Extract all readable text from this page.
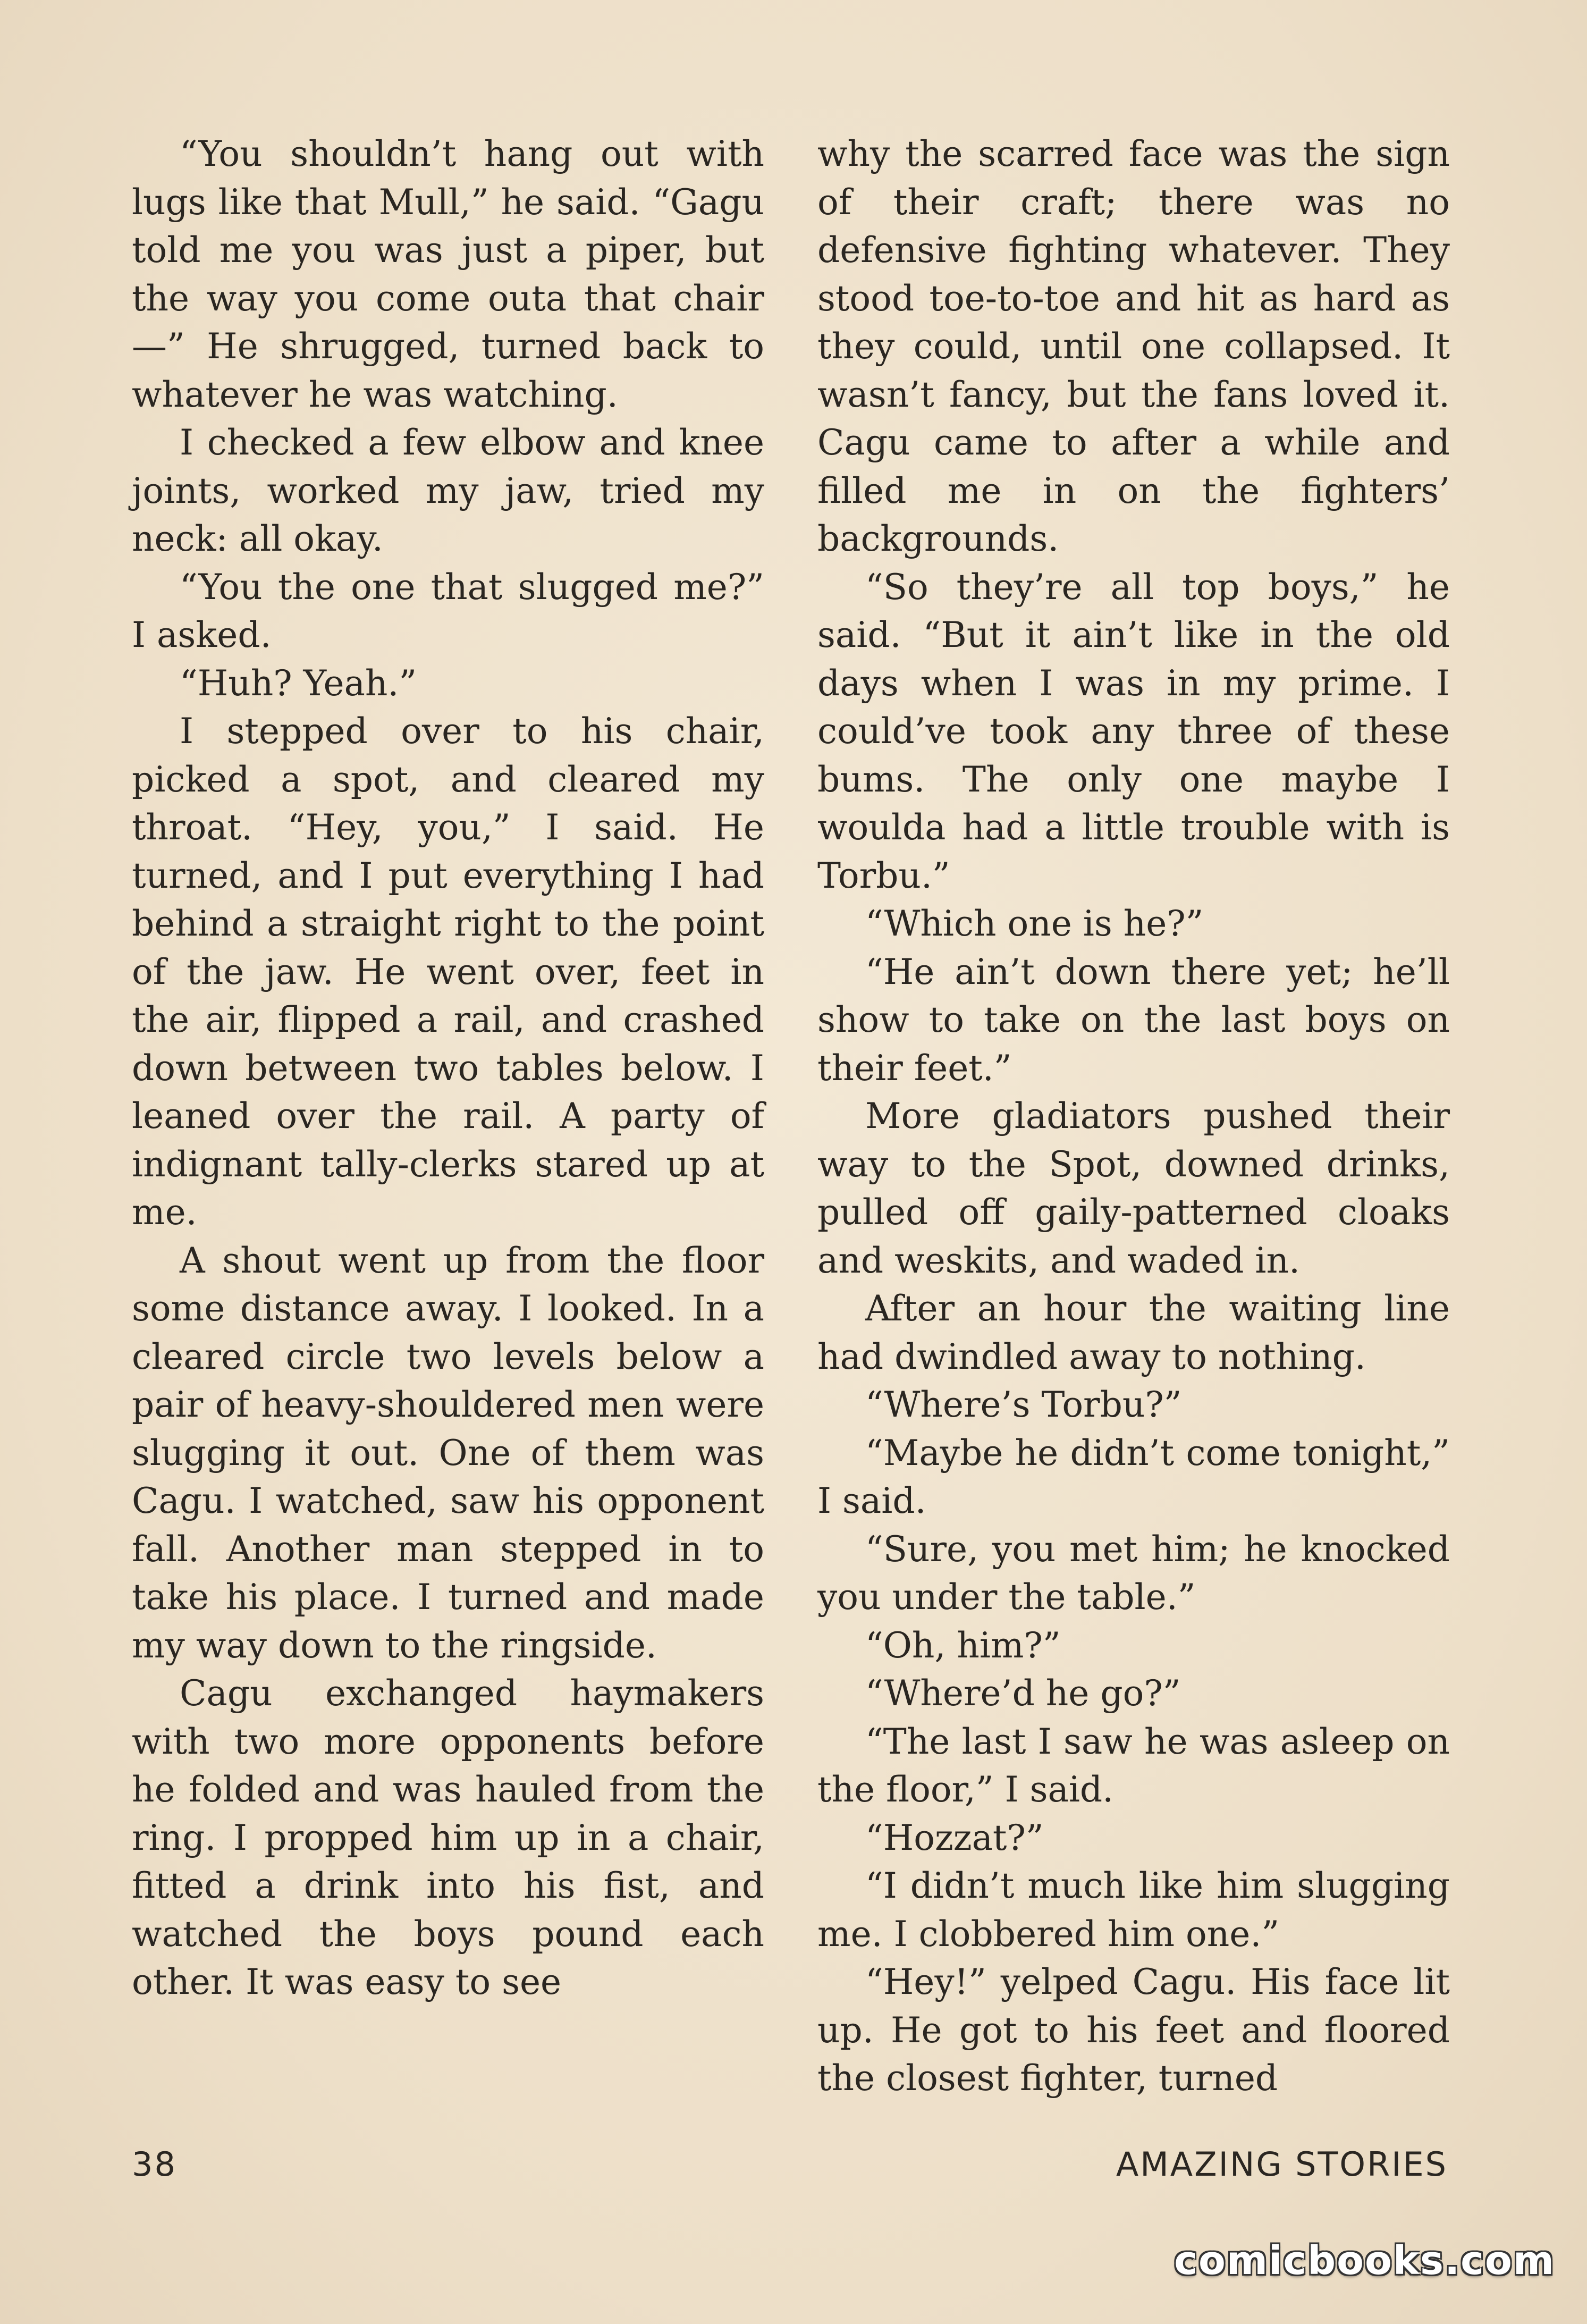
“You shouldn’t hang out with lugs like that Mull,” he said. “Gagu told me you was just a piper, but the way you come outa that chair—” He shrugged, turned back to whatever he was watching.

I checked a few elbow and knee joints, worked my jaw, tried my neck: all okay.

“You the one that slugged me?” I asked.

“Huh? Yeah.”

I stepped over to his chair, picked a spot, and cleared my throat. “Hey, you,” I said. He turned, and I put everything I had behind a straight right to the point of the jaw. He went over, feet in the air, flipped a rail, and crashed down between two tables below. I leaned over the rail. A party of indignant tally-clerks stared up at me.

A shout went up from the floor some distance away. I looked. In a cleared circle two levels below a pair of heavy-shouldered men were slugging it out. One of them was Cagu. I watched, saw his opponent fall. Another man stepped in to take his place. I turned and made my way down to the ringside.

Cagu exchanged haymakers with two more opponents before he folded and was hauled from the ring. I propped him up in a chair, fitted a drink into his fist, and watched the boys pound each other. It was easy to see

why the scarred face was the sign of their craft; there was no defensive fighting whatever. They stood toe-to-toe and hit as hard as they could, until one collapsed. It wasn’t fancy, but the fans loved it. Cagu came to after a while and filled me in on the fighters’ backgrounds.

“So they’re all top boys,” he said. “But it ain’t like in the old days when I was in my prime. I could’ve took any three of these bums. The only one maybe I woulda had a little trouble with is Torbu.”

“Which one is he?”

“He ain’t down there yet; he’ll show to take on the last boys on their feet.”

More gladiators pushed their way to the Spot, downed drinks, pulled off gaily-patterned cloaks and weskits, and waded in.

After an hour the waiting line had dwindled away to nothing.

“Where’s Torbu?”

“Maybe he didn’t come tonight,” I said.

“Sure, you met him; he knocked you under the table.”

“Oh, him?”

“Where’d he go?”

“The last I saw he was asleep on the floor,” I said.

“Hozzat?”

“I didn’t much like him slugging me. I clobbered him one.”

“Hey!” yelped Cagu. His face lit up. He got to his feet and floored the closest fighter, turned

38	AMAZING STORIES
comicbooks.com
